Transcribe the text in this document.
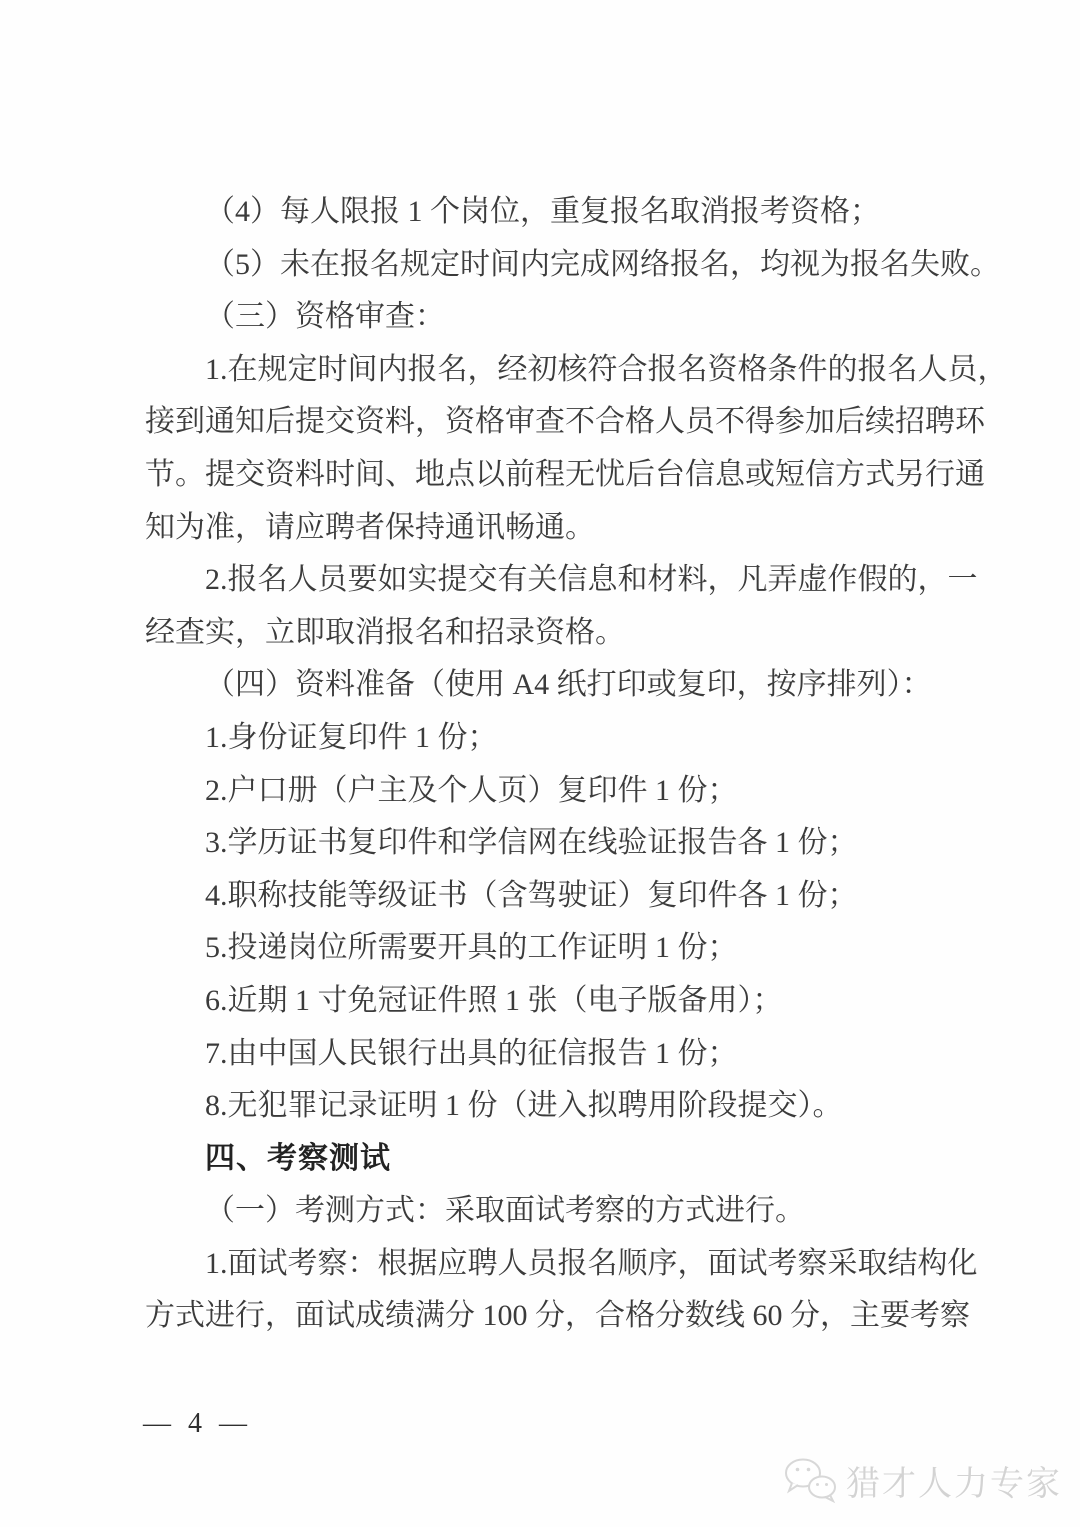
（4）每人限报 1 个岗位，重复报名取消报考资格；
（5）未在报名规定时间内完成网络报名，均视为报名失败。
（三）资格审查：
1.在规定时间内报名，经初核符合报名资格条件的报名人员，
接到通知后提交资料，资格审查不合格人员不得参加后续招聘环
节。提交资料时间、地点以前程无忧后台信息或短信方式另行通
知为准，请应聘者保持通讯畅通。
2.报名人员要如实提交有关信息和材料，凡弄虚作假的，一
经查实，立即取消报名和招录资格。
（四）资料准备（使用 A4 纸打印或复印，按序排列）：
1.身份证复印件 1 份；
2.户口册（户主及个人页）复印件 1 份；
3.学历证书复印件和学信网在线验证报告各 1 份；
4.职称技能等级证书（含驾驶证）复印件各 1 份；
5.投递岗位所需要开具的工作证明 1 份；
6.近期 1 寸免冠证件照 1 张（电子版备用）；
7.由中国人民银行出具的征信报告 1 份；
8.无犯罪记录证明 1 份（进入拟聘用阶段提交）。
四、考察测试
（一）考测方式：采取面试考察的方式进行。
1.面试考察：根据应聘人员报名顺序，面试考察采取结构化
方式进行，面试成绩满分 100 分，合格分数线 60 分，主要考察
— 4 —
猎才人力专家
